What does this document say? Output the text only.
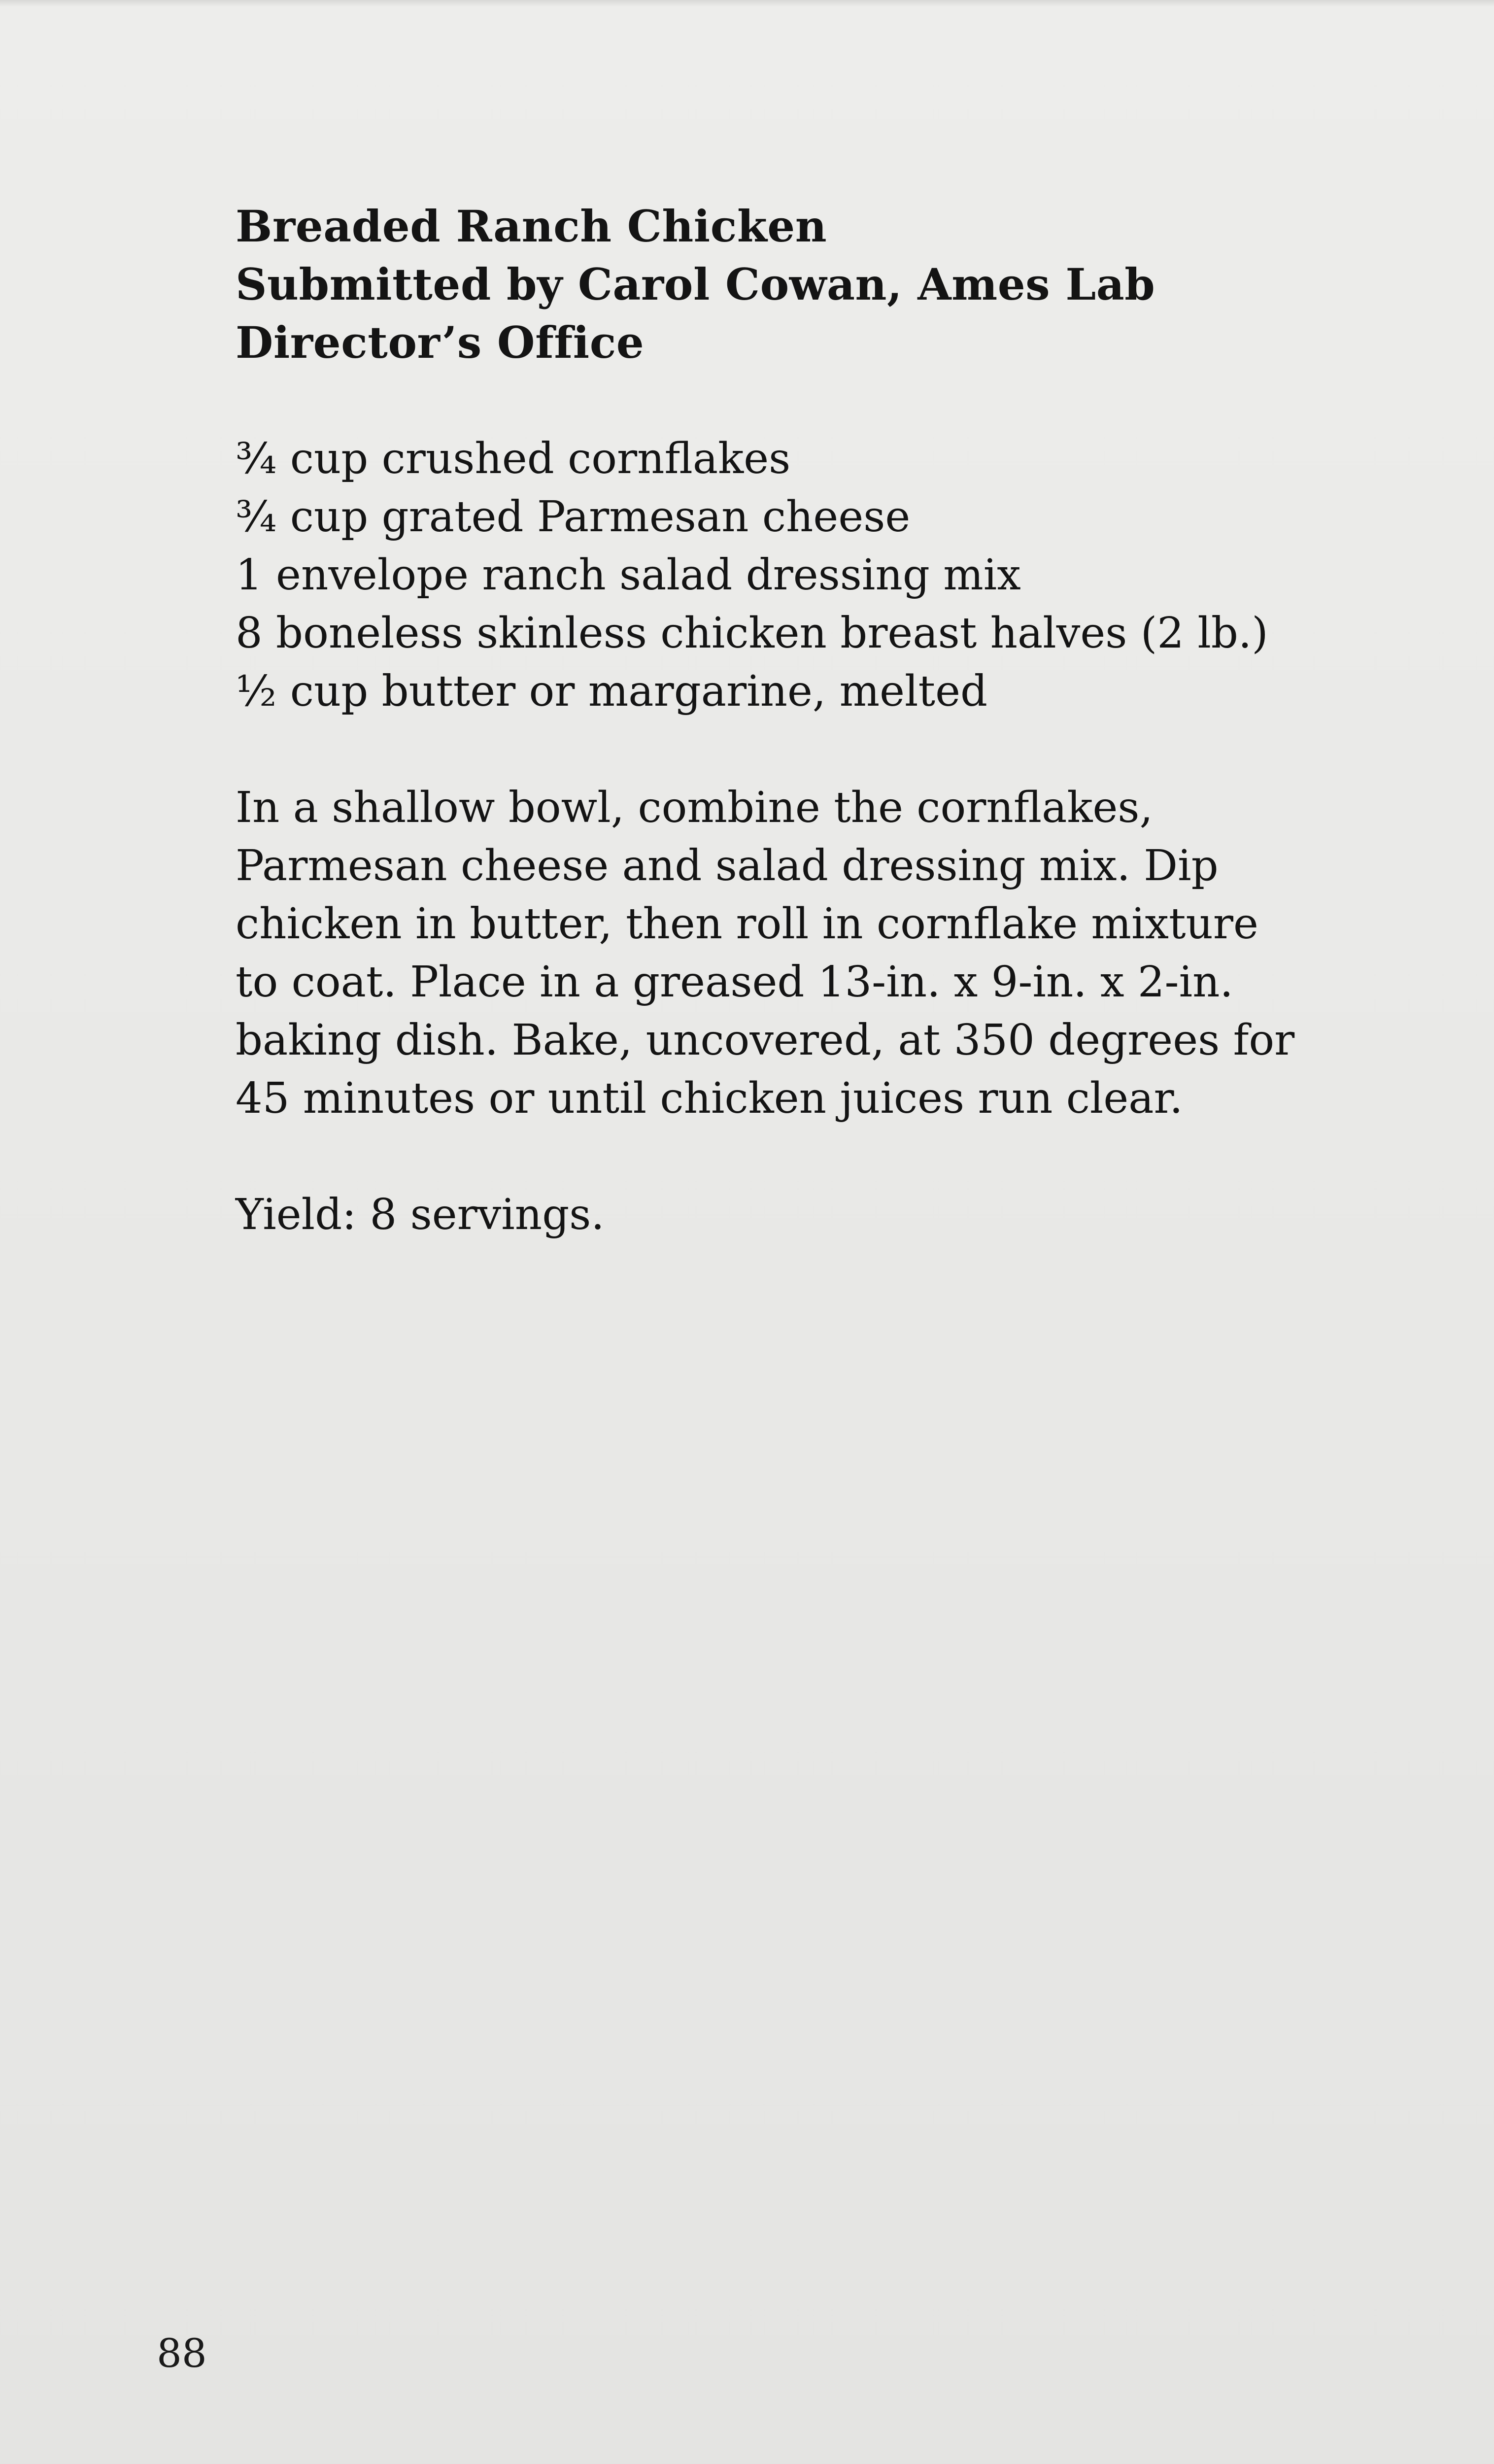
Breaded Ranch Chicken
Submitted by Carol Cowan, Ames Lab
Director’s Office
¾ cup crushed cornflakes
¾ cup grated Parmesan cheese
1 envelope ranch salad dressing mix
8 boneless skinless chicken breast halves (2 lb.)
½ cup butter or margarine, melted
In a shallow bowl, combine the cornflakes,
Parmesan cheese and salad dressing mix. Dip
chicken in butter, then roll in cornflake mixture
to coat. Place in a greased 13-in. x 9-in. x 2-in.
baking dish. Bake, uncovered, at 350 degrees for
45 minutes or until chicken juices run clear.
Yield: 8 servings.
88
